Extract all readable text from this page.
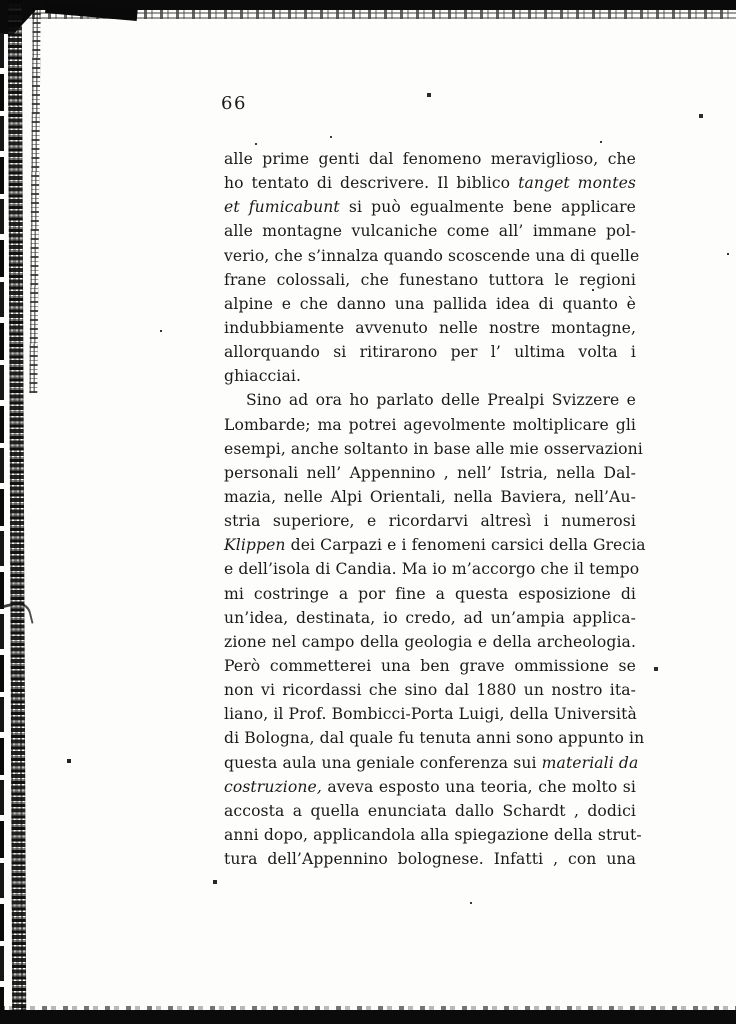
66
alle prime genti dal fenomeno meraviglioso, che
ho tentato di descrivere. Il biblico tanget montes
et fumicabunt si può egualmente bene applicare
alle montagne vulcaniche come all’ immane pol-
verio, che s’innalza quando scoscende una di quelle
frane colossali, che funestano tuttora le regioni
alpine e che danno una pallida idea di quanto è
indubbiamente avvenuto nelle nostre montagne,
allorquando si ritirarono per l’ ultima volta i
ghiacciai.
Sino ad ora ho parlato delle Prealpi Svizzere e
Lombarde; ma potrei agevolmente moltiplicare gli
esempi, anche soltanto in base alle mie osservazioni
personali nell’ Appennino , nell’ Istria, nella Dal-
mazia, nelle Alpi Orientali, nella Baviera, nell’Au-
stria superiore, e ricordarvi altresì i numerosi
Klippen dei Carpazi e i fenomeni carsici della Grecia
e dell’isola di Candia. Ma io m’accorgo che il tempo
mi costringe a por fine a questa esposizione di
un’idea, destinata, io credo, ad un’ampia applica-
zione nel campo della geologia e della archeologia.
Però commetterei una ben grave ommissione se
non vi ricordassi che sino dal 1880 un nostro ita-
liano, il Prof. Bombicci-Porta Luigi, della Università
di Bologna, dal quale fu tenuta anni sono appunto in
questa aula una geniale conferenza sui materiali da
costruzione, aveva esposto una teoria, che molto si
accosta a quella enunciata dallo Schardt , dodici
anni dopo, applicandola alla spiegazione della strut-
tura dell’Appennino bolognese. Infatti , con una
